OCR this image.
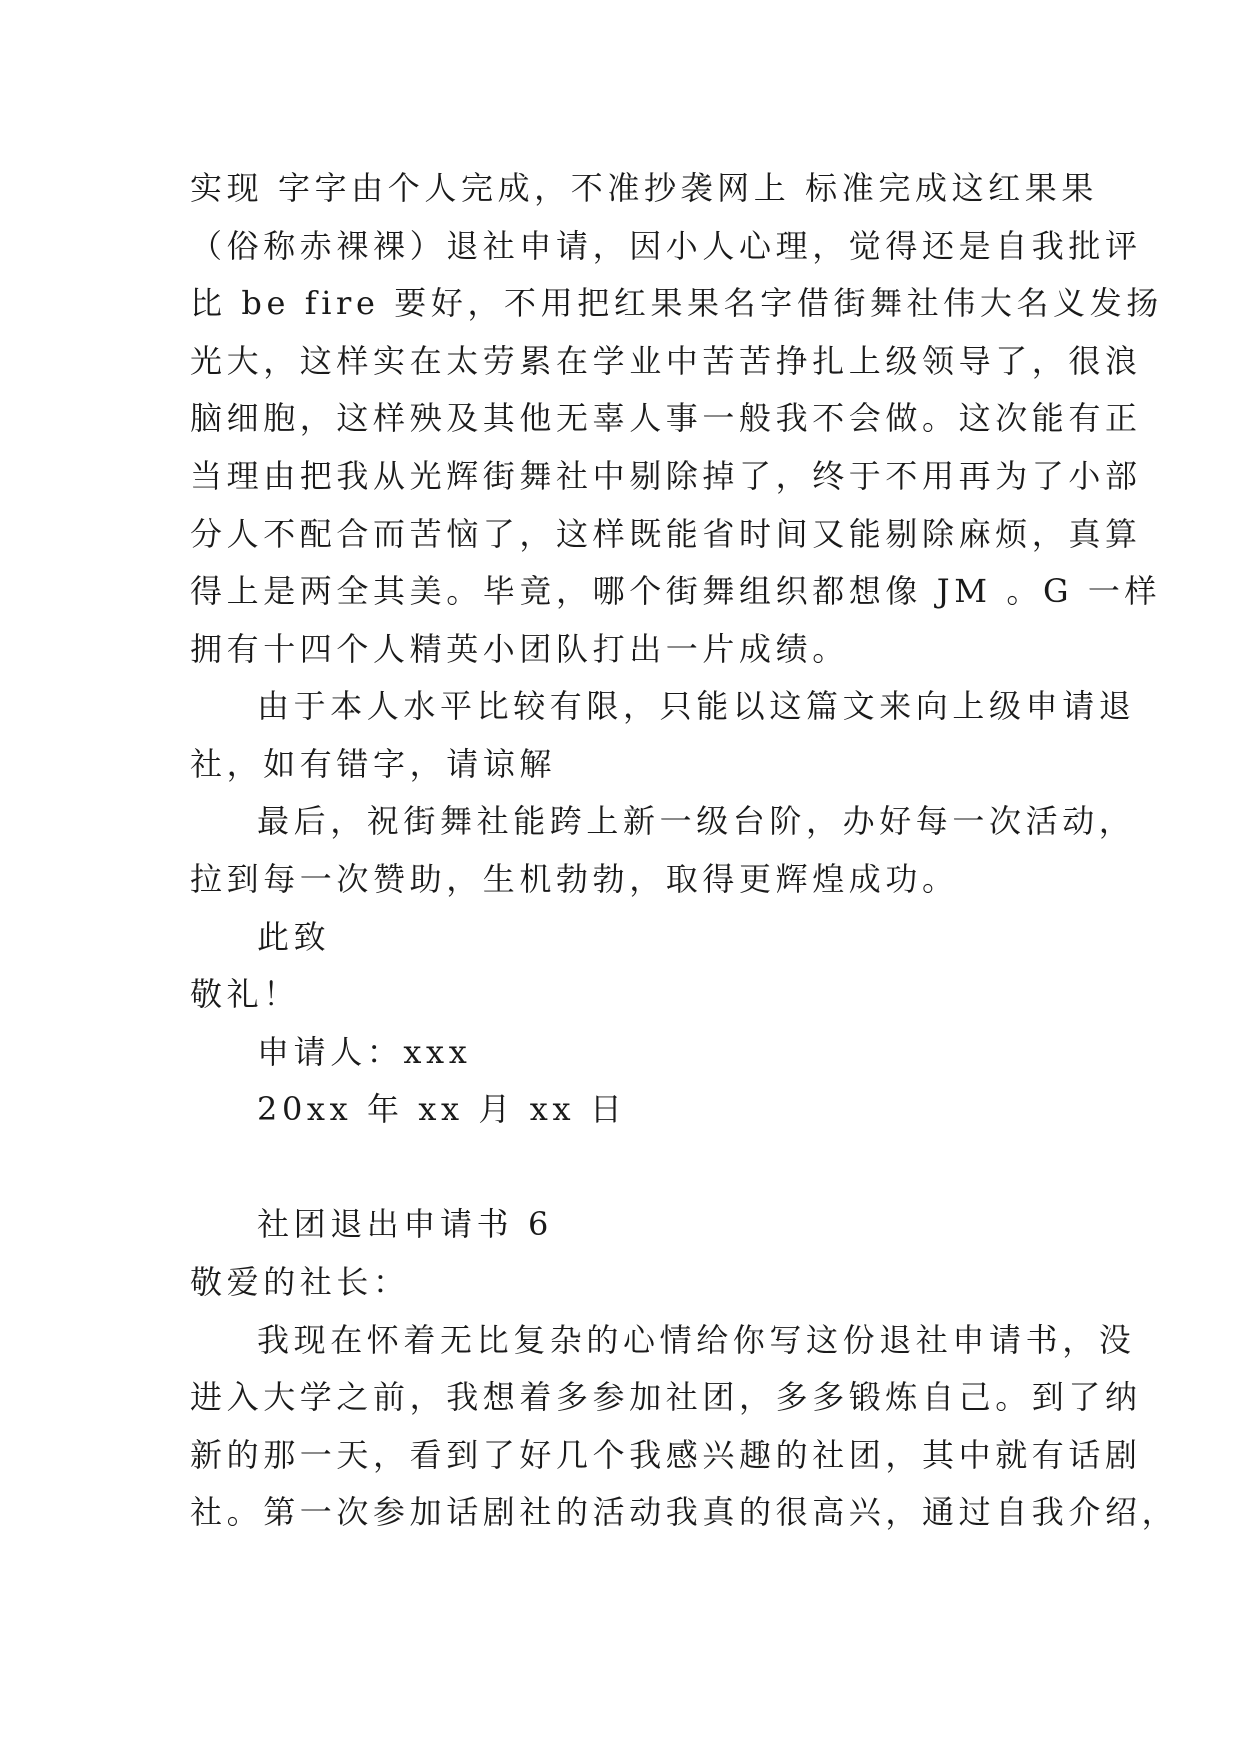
实现 字字由个人完成，不准抄袭网上 标准完成这红果果
（俗称赤裸裸）退社申请，因小人心理，觉得还是自我批评
比 be fire 要好，不用把红果果名字借街舞社伟大名义发扬
光大，这样实在太劳累在学业中苦苦挣扎上级领导了，很浪
脑细胞，这样殃及其他无辜人事一般我不会做。这次能有正
当理由把我从光辉街舞社中剔除掉了，终于不用再为了小部
分人不配合而苦恼了，这样既能省时间又能剔除麻烦，真算
得上是两全其美。毕竟，哪个街舞组织都想像 JM 。G 一样
拥有十四个人精英小团队打出一片成绩。
由于本人水平比较有限，只能以这篇文来向上级申请退
社，如有错字，请谅解
最后，祝街舞社能跨上新一级台阶，办好每一次活动，
拉到每一次赞助，生机勃勃，取得更辉煌成功。
此致
敬礼！
申请人：xxx
20xx 年 xx 月 xx 日
社团退出申请书 6
敬爱的社长：
我现在怀着无比复杂的心情给你写这份退社申请书，没
进入大学之前，我想着多参加社团，多多锻炼自己。到了纳
新的那一天，看到了好几个我感兴趣的社团，其中就有话剧
社。第一次参加话剧社的活动我真的很高兴，通过自我介绍，
